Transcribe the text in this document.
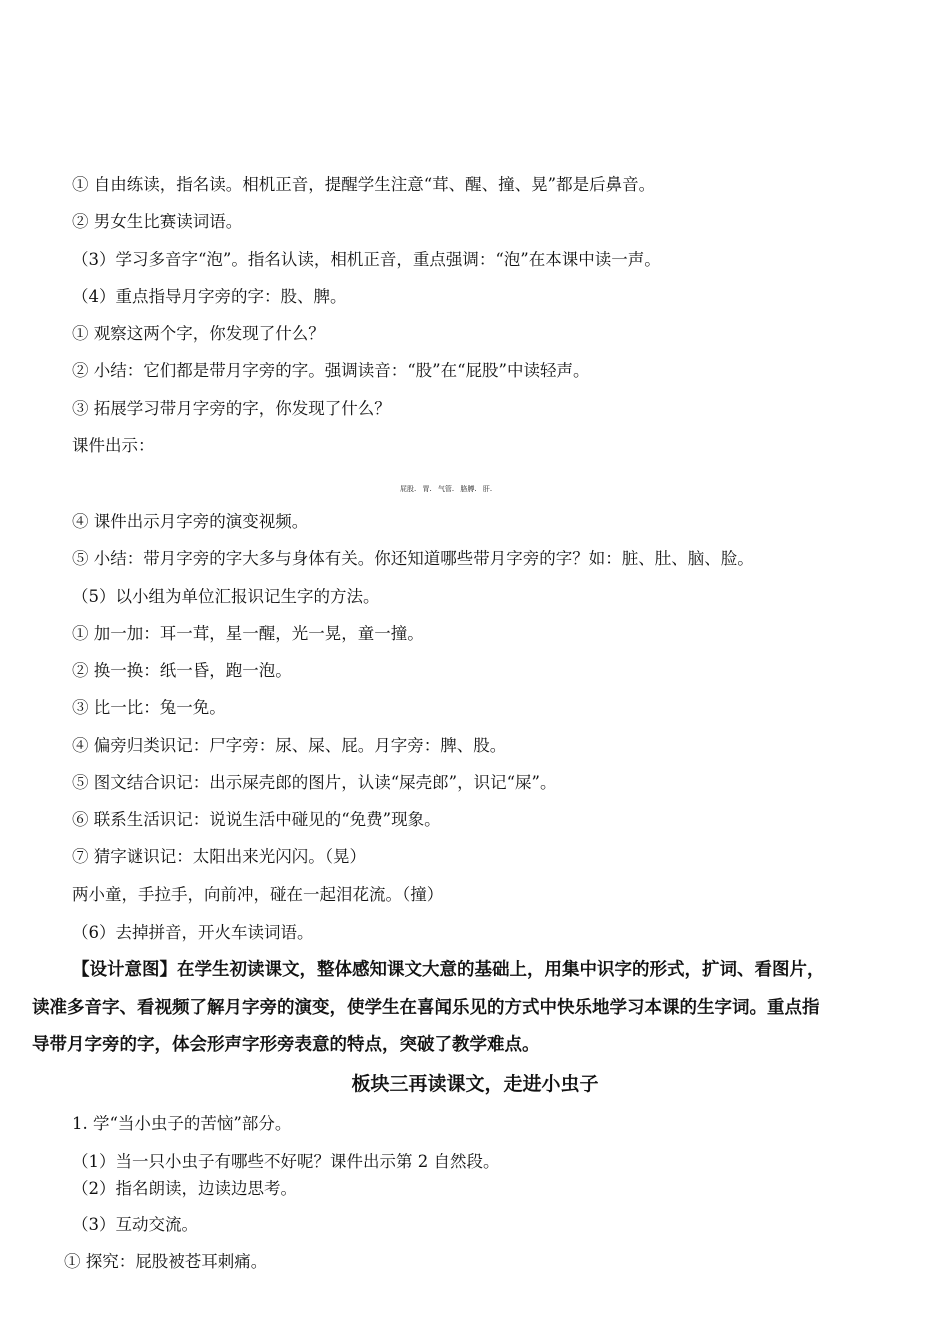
① 自由练读，指名读。相机正音，提醒学生注意“茸、醒、撞、晃”都是后鼻音。
② 男女生比赛读词语。
（3）学习多音字“泡”。指名认读，相机正音，重点强调：“泡”在本课中读一声。
（4）重点指导月字旁的字：股、脾。
① 观察这两个字，你发现了什么？
② 小结：它们都是带月字旁的字。强调读音：“股”在“屁股”中读轻声。
③ 拓展学习带月字旁的字，你发现了什么？
课件出示：
屁股. 胃. 气管. 胳膊. 肝.
④ 课件出示月字旁的演变视频。
⑤ 小结：带月字旁的字大多与身体有关。你还知道哪些带月字旁的字？如：脏、肚、脑、脸。
（5）以小组为单位汇报识记生字的方法。
① 加一加：耳一茸，星一醒，光一晃，童一撞。
② 换一换：纸一昏，跑一泡。
③ 比一比：兔一免。
④ 偏旁归类识记：尸字旁：尿、屎、屁。月字旁：脾、股。
⑤ 图文结合识记：出示屎壳郎的图片，认读“屎壳郎”，识记“屎”。
⑥ 联系生活识记：说说生活中碰见的“免费”现象。
⑦ 猜字谜识记：太阳出来光闪闪。（晃）
两小童，手拉手，向前冲，碰在一起泪花流。（撞）
（6）去掉拼音，开火车读词语。
【设计意图】在学生初读课文，整体感知课文大意的基础上，用集中识字的形式，扩词、看图片，
读准多音字、看视频了解月字旁的演变，使学生在喜闻乐见的方式中快乐地学习本课的生字词。重点指
导带月字旁的字，体会形声字形旁表意的特点，突破了教学难点。
板块三再读课文，走进小虫子
1. 学“当小虫子的苦恼”部分。
（1）当一只小虫子有哪些不好呢？课件出示第 2 自然段。
（2）指名朗读，边读边思考。
（3）互动交流。
① 探究：屁股被苍耳刺痛。
